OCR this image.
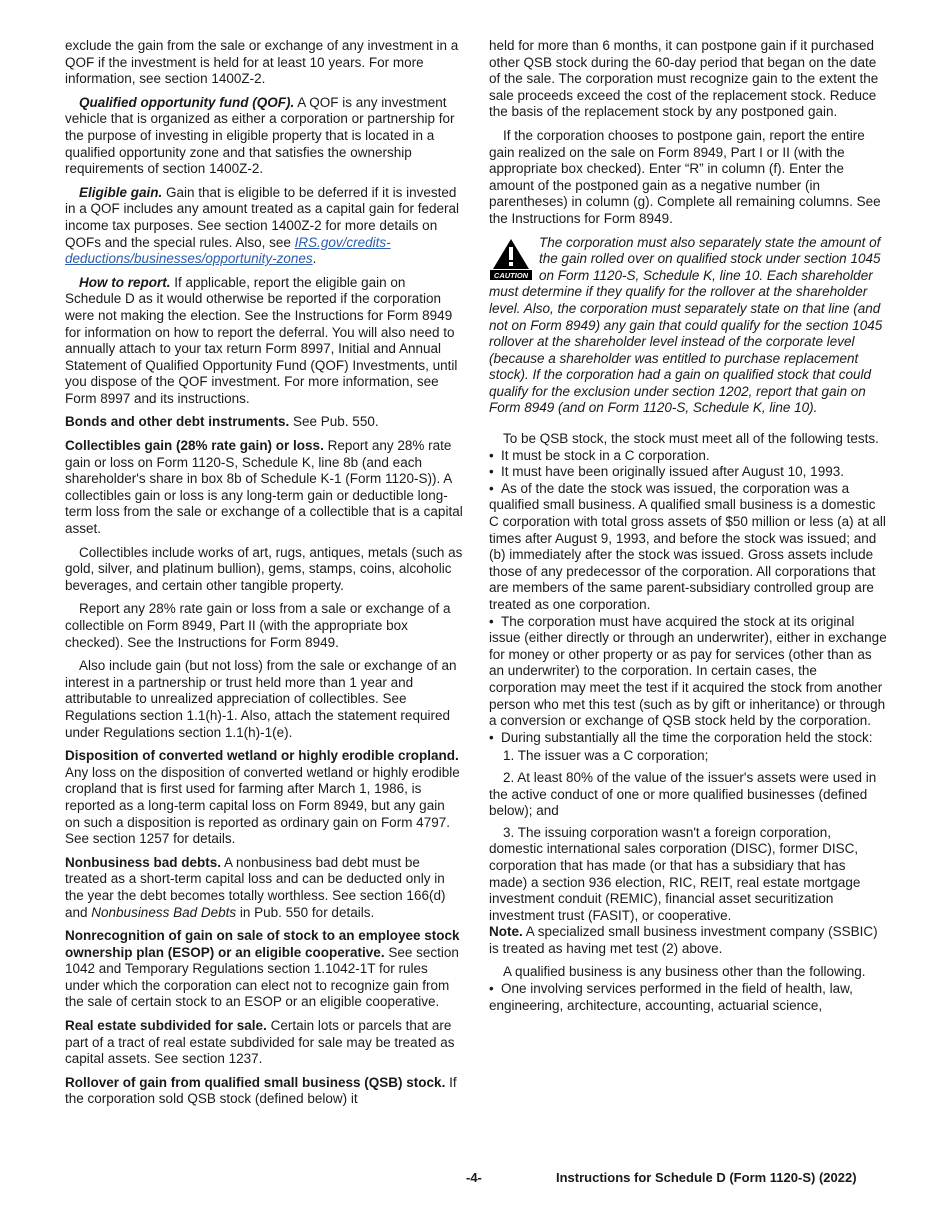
exclude the gain from the sale or exchange of any investment in a QOF if the investment is held for at least 10 years. For more information, see section 1400Z-2.

Qualified opportunity fund (QOF). A QOF is any investment vehicle that is organized as either a corporation or partnership for the purpose of investing in eligible property that is located in a qualified opportunity zone and that satisfies the ownership requirements of section 1400Z-2.

Eligible gain. Gain that is eligible to be deferred if it is invested in a QOF includes any amount treated as a capital gain for federal income tax purposes. See section 1400Z-2 for more details on QOFs and the special rules. Also, see IRS.gov/credits-deductions/businesses/opportunity-zones.

How to report. If applicable, report the eligible gain on Schedule D as it would otherwise be reported if the corporation were not making the election. See the Instructions for Form 8949 for information on how to report the deferral. You will also need to annually attach to your tax return Form 8997, Initial and Annual Statement of Qualified Opportunity Fund (QOF) Investments, until you dispose of the QOF investment. For more information, see Form 8997 and its instructions.

Bonds and other debt instruments. See Pub. 550.

Collectibles gain (28% rate gain) or loss. Report any 28% rate gain or loss on Form 1120-S, Schedule K, line 8b (and each shareholder's share in box 8b of Schedule K-1 (Form 1120-S)). A collectibles gain or loss is any long-term gain or deductible long-term loss from the sale or exchange of a collectible that is a capital asset.

Collectibles include works of art, rugs, antiques, metals (such as gold, silver, and platinum bullion), gems, stamps, coins, alcoholic beverages, and certain other tangible property.

Report any 28% rate gain or loss from a sale or exchange of a collectible on Form 8949, Part II (with the appropriate box checked). See the Instructions for Form 8949.

Also include gain (but not loss) from the sale or exchange of an interest in a partnership or trust held more than 1 year and attributable to unrealized appreciation of collectibles. See Regulations section 1.1(h)-1. Also, attach the statement required under Regulations section 1.1(h)-1(e).

Disposition of converted wetland or highly erodible cropland. Any loss on the disposition of converted wetland or highly erodible cropland that is first used for farming after March 1, 1986, is reported as a long-term capital loss on Form 8949, but any gain on such a disposition is reported as ordinary gain on Form 4797. See section 1257 for details.

Nonbusiness bad debts. A nonbusiness bad debt must be treated as a short-term capital loss and can be deducted only in the year the debt becomes totally worthless. See section 166(d) and Nonbusiness Bad Debts in Pub. 550 for details.

Nonrecognition of gain on sale of stock to an employee stock ownership plan (ESOP) or an eligible cooperative. See section 1042 and Temporary Regulations section 1.1042-1T for rules under which the corporation can elect not to recognize gain from the sale of certain stock to an ESOP or an eligible cooperative.

Real estate subdivided for sale. Certain lots or parcels that are part of a tract of real estate subdivided for sale may be treated as capital assets. See section 1237.

Rollover of gain from qualified small business (QSB) stock. If the corporation sold QSB stock (defined below) it

held for more than 6 months, it can postpone gain if it purchased other QSB stock during the 60-day period that began on the date of the sale. The corporation must recognize gain to the extent the sale proceeds exceed the cost of the replacement stock. Reduce the basis of the replacement stock by any postponed gain.

If the corporation chooses to postpone gain, report the entire gain realized on the sale on Form 8949, Part I or II (with the appropriate box checked). Enter “R” in column (f). Enter the amount of the postponed gain as a negative number (in parentheses) in column (g). Complete all remaining columns. See the Instructions for Form 8949.

CAUTION
The corporation must also separately state the amount of the gain rolled over on qualified stock under section 1045 on Form 1120-S, Schedule K, line 10. Each shareholder must determine if they qualify for the rollover at the shareholder level. Also, the corporation must separately state on that line (and not on Form 8949) any gain that could qualify for the section 1045 rollover at the shareholder level instead of the corporate level (because a shareholder was entitled to purchase replacement stock). If the corporation had a gain on qualified stock that could qualify for the exclusion under section 1202, report that gain on Form 8949 (and on Form 1120-S, Schedule K, line 10).

To be QSB stock, the stock must meet all of the following tests.

• It must be stock in a C corporation.

• It must have been originally issued after August 10, 1993.

• As of the date the stock was issued, the corporation was a qualified small business. A qualified small business is a domestic C corporation with total gross assets of $50 million or less (a) at all times after August 9, 1993, and before the stock was issued; and (b) immediately after the stock was issued. Gross assets include those of any predecessor of the corporation. All corporations that are members of the same parent-subsidiary controlled group are treated as one corporation.

• The corporation must have acquired the stock at its original issue (either directly or through an underwriter), either in exchange for money or other property or as pay for services (other than as an underwriter) to the corporation. In certain cases, the corporation may meet the test if it acquired the stock from another person who met this test (such as by gift or inheritance) or through a conversion or exchange of QSB stock held by the corporation.

• During substantially all the time the corporation held the stock:

1. The issuer was a C corporation;

2. At least 80% of the value of the issuer's assets were used in the active conduct of one or more qualified businesses (defined below); and

3. The issuing corporation wasn't a foreign corporation, domestic international sales corporation (DISC), former DISC, corporation that has made (or that has a subsidiary that has made) a section 936 election, RIC, REIT, real estate mortgage investment conduit (REMIC), financial asset securitization investment trust (FASIT), or cooperative.

Note. A specialized small business investment company (SSBIC) is treated as having met test (2) above.

A qualified business is any business other than the following.

• One involving services performed in the field of health, law, engineering, architecture, accounting, actuarial science,

-4-	Instructions for Schedule D (Form 1120-S) (2022)
